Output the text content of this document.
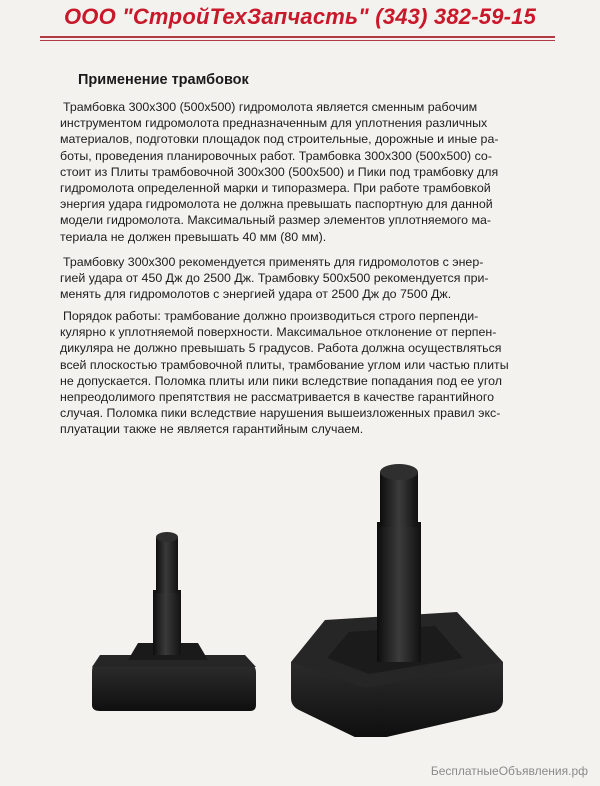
ООО "СтройТехЗапчасть" (343) 382-59-15
Применение трамбовок
Трамбовка 300x300 (500x500) гидромолота является сменным рабочим
инструментом гидромолота предназначенным для уплотнения различных
материалов, подготовки площадок под строительные, дорожные и иные ра-
боты, проведения планировочных работ. Трамбовка 300x300 (500x500) со-
стоит из Плиты трамбовочной 300x300 (500x500) и Пики под трамбовку для
гидромолота определенной марки и типоразмера. При работе трамбовкой
энергия удара гидромолота не должна превышать паспортную для данной
модели гидромолота. Максимальный размер элементов уплотняемого ма-
териала не должен превышать 40 мм (80 мм).
Трамбовку 300x300 рекомендуется применять для гидромолотов с энер-
гией удара от 450 Дж до 2500 Дж. Трамбовку 500x500 рекомендуется при-
менять для гидромолотов с энергией удара от 2500 Дж до 7500 Дж.
Порядок работы: трамбование должно производиться строго перпенди-
кулярно к уплотняемой поверхности. Максимальное отклонение от перпен-
дикуляра не должно превышать 5 градусов. Работа должна осуществляться
всей плоскостью трамбовочной плиты, трамбование углом или частью плиты
не допускается. Поломка плиты или пики вследствие попадания под ее угол
непреодолимого препятствия не рассматривается в качестве гарантийного
случая. Поломка пики вследствие нарушения вышеизложенных правил экс-
плуатации также не является гарантийным случаем.
БесплатныеОбъявления.рф
